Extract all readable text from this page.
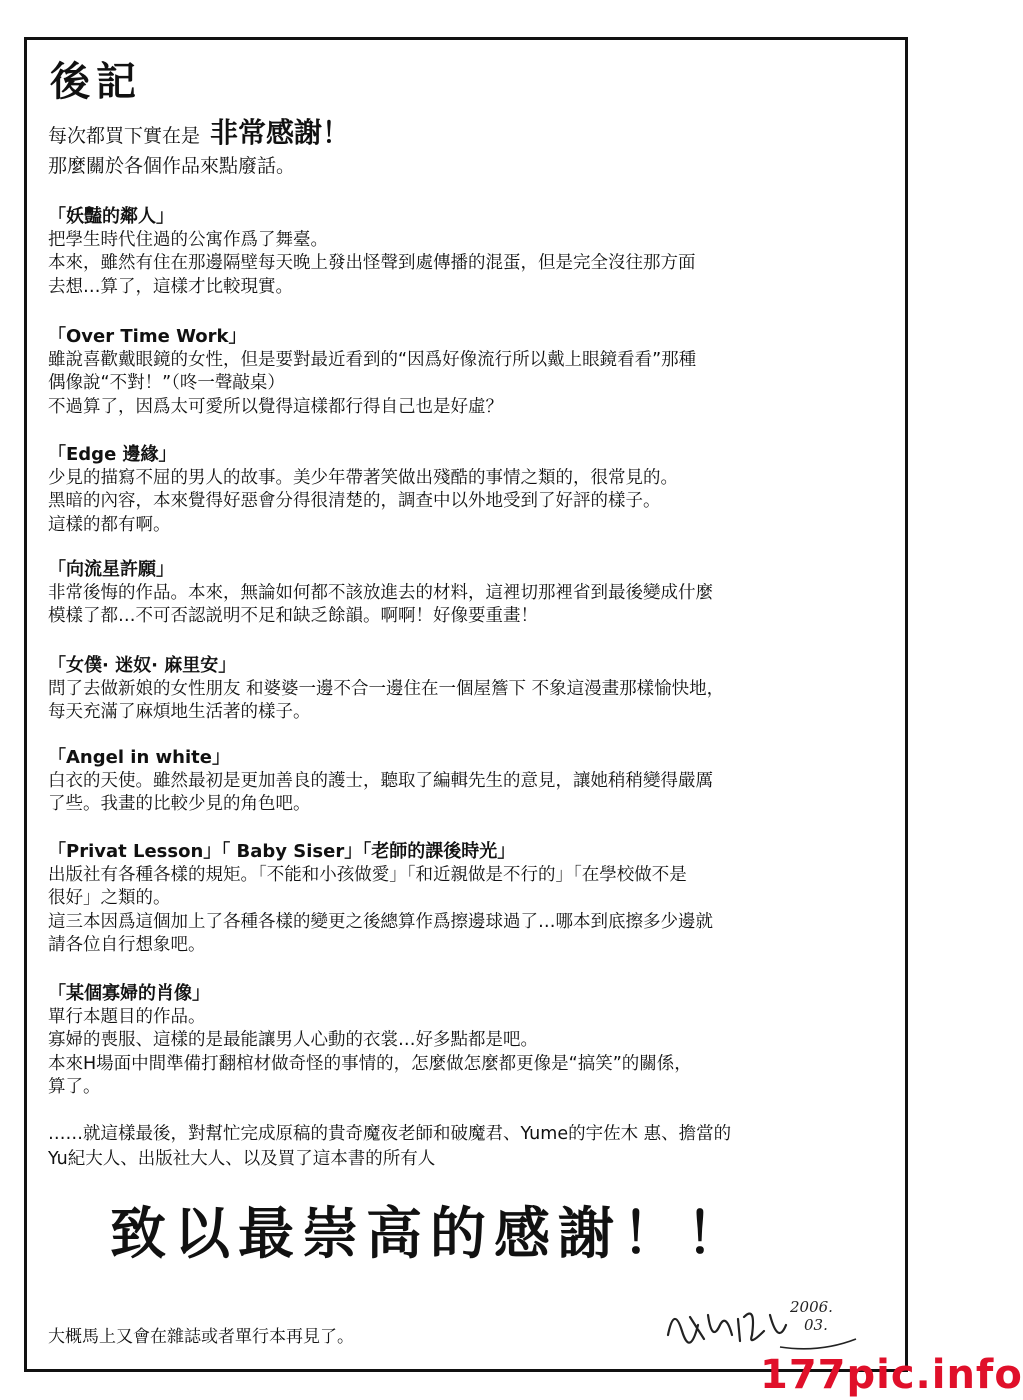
後記
每次都買下實在是 非常感謝！
那麼關於各個作品來點廢話。
「妖豔的鄰人」
把學生時代住過的公寓作爲了舞臺。
本來，雖然有住在那邊隔壁每天晚上發出怪聲到處傳播的混蛋，但是完全沒往那方面
去想…算了，這樣才比較現實。
「Over Time Work」
雖說喜歡戴眼鏡的女性，但是要對最近看到的“因爲好像流行所以戴上眼鏡看看”那種
偶像說“不對！”（咚一聲敲桌）
不過算了，因爲太可愛所以覺得這樣都行得自己也是好虛？
「Edge 邊緣」
少見的描寫不屈的男人的故事。美少年帶著笑做出殘酷的事情之類的，很常見的。
黑暗的內容，本來覺得好惡會分得很清楚的，調查中以外地受到了好評的樣子。
這樣的都有啊。
「向流星許願」
非常後悔的作品。本來，無論如何都不該放進去的材料，這裡切那裡省到最後變成什麼
模樣了都…不可否認説明不足和缺乏餘韻。啊啊！好像要重畫！
「女僕· 迷奴· 麻里安」
問了去做新娘的女性朋友 和婆婆一邊不合一邊住在一個屋簷下 不象這漫畫那樣愉快地，
每天充滿了麻煩地生活著的樣子。
「Angel in white」
白衣的天使。雖然最初是更加善良的護士，聽取了編輯先生的意見，讓她稍稍變得嚴厲
了些。我畫的比較少見的角色吧。
「Privat Lesson」「 Baby Siser」「老師的課後時光」
出版社有各種各樣的規矩。「不能和小孩做愛」「和近親做是不行的」「在學校做不是
很好」之類的。
這三本因爲這個加上了各種各樣的變更之後總算作爲擦邊球過了…哪本到底擦多少邊就
請各位自行想象吧。
「某個寡婦的肖像」
單行本題目的作品。
寡婦的喪服、這樣的是最能讓男人心動的衣裳…好多點都是吧。
本來H場面中間準備打翻棺材做奇怪的事情的，怎麼做怎麼都更像是“搞笑”的關係，
算了。
……就這樣最後，對幫忙完成原稿的貴奇魔夜老師和破魔君、Yume的宇佐木 惠、擔當的
Yu紀大人、出版社大人、以及買了這本書的所有人
致以最崇高的感謝！！
大概馬上又會在雜誌或者單行本再見了。
2006.
03.
177pic.info
